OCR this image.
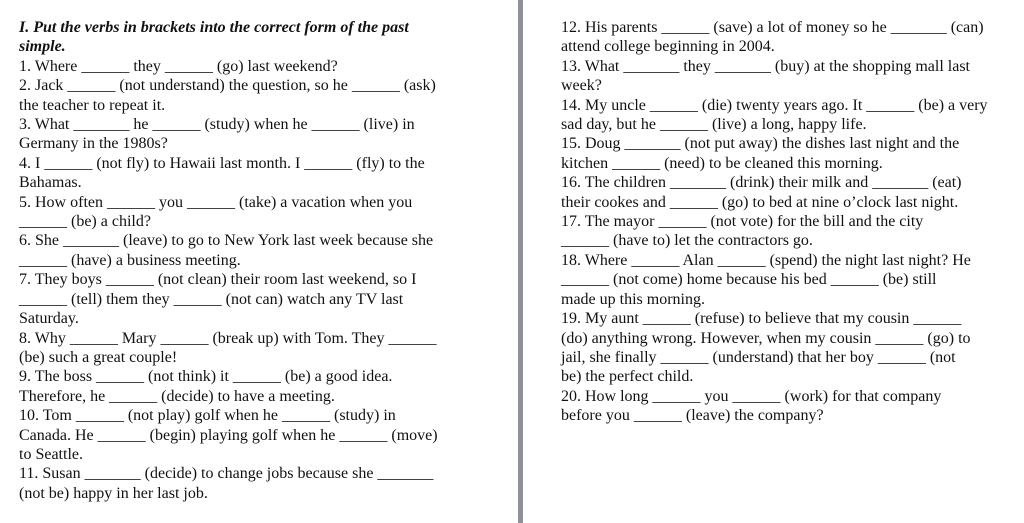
I. Put the verbs in brackets into the correct form of the past
simple.
1. Where ______ they ______ (go) last weekend?
2. Jack ______ (not understand) the question, so he ______ (ask)
the teacher to repeat it.
3. What _______ he ______ (study) when he ______ (live) in
Germany in the 1980s?
4. I ______ (not fly) to Hawaii last month. I ______ (fly) to the
Bahamas.
5. How often ______ you ______ (take) a vacation when you
______ (be) a child?
6. She _______ (leave) to go to New York last week because she
______ (have) a business meeting.
7. They boys ______ (not clean) their room last weekend, so I
______ (tell) them they ______ (not can) watch any TV last
Saturday.
8. Why ______ Mary ______ (break up) with Tom. They ______
(be) such a great couple!
9. The boss ______ (not think) it ______ (be) a good idea.
Therefore, he ______ (decide) to have a meeting.
10. Tom ______ (not play) golf when he ______ (study) in
Canada. He ______ (begin) playing golf when he ______ (move)
to Seattle.
11. Susan _______ (decide) to change jobs because she _______
(not be) happy in her last job.
12. His parents ______ (save) a lot of money so he _______ (can)
attend college beginning in 2004.
13. What _______ they _______ (buy) at the shopping mall last
week?
14. My uncle ______ (die) twenty years ago. It ______ (be) a very
sad day, but he ______ (live) a long, happy life.
15. Doug _______ (not put away) the dishes last night and the
kitchen ______ (need) to be cleaned this morning.
16. The children _______ (drink) their milk and _______ (eat)
their cookes and ______ (go) to bed at nine o’clock last night.
17. The mayor ______ (not vote) for the bill and the city
______ (have to) let the contractors go.
18. Where ______ Alan ______ (spend) the night last night? He
______ (not come) home because his bed ______ (be) still
made up this morning.
19. My aunt ______ (refuse) to believe that my cousin ______
(do) anything wrong. However, when my cousin ______ (go) to
jail, she finally ______ (understand) that her boy ______ (not
be) the perfect child.
20. How long ______ you ______ (work) for that company
before you ______ (leave) the company?
